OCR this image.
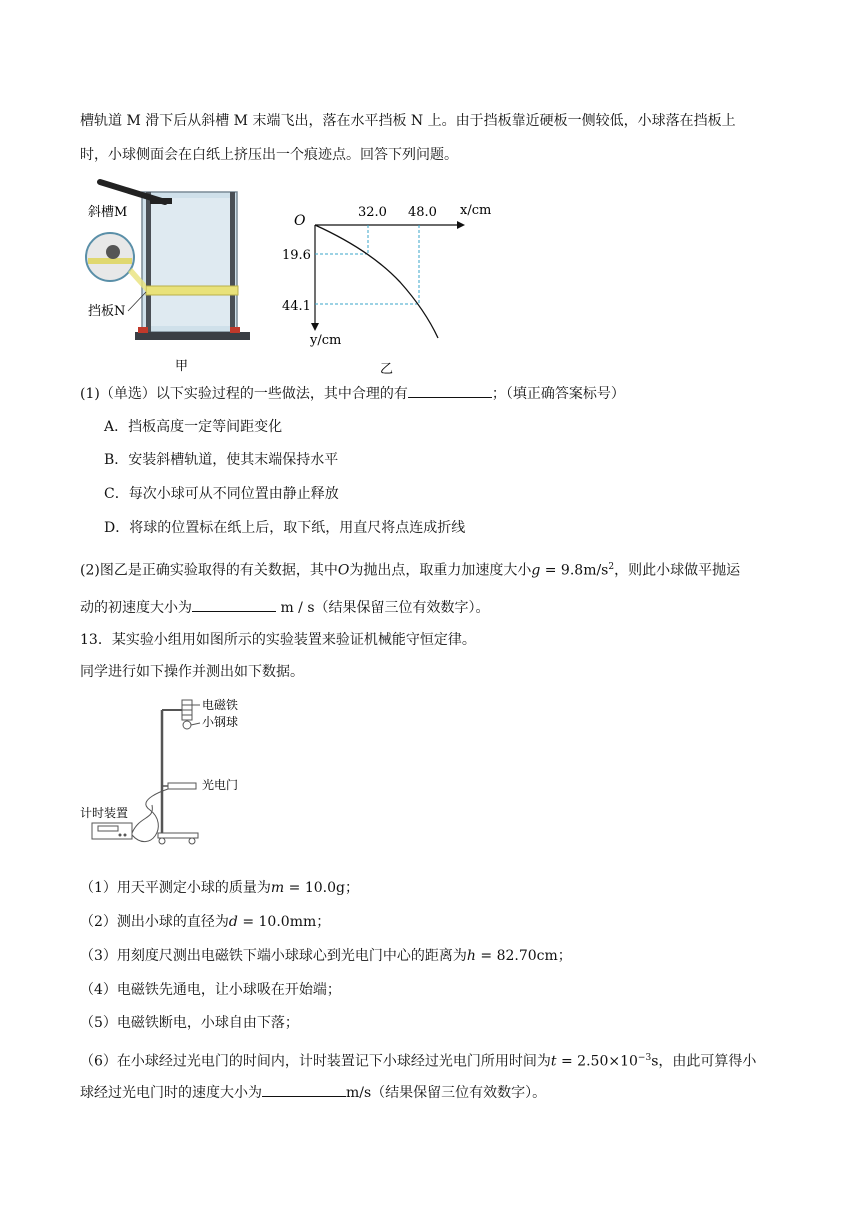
槽轨道 M 滑下后从斜槽 M 末端飞出，落在水平挡板 N 上。由于挡板靠近硬板一侧较低，小球落在挡板上
时，小球侧面会在白纸上挤压出一个痕迹点。回答下列问题。
斜槽M
挡板N
甲
O
x/cm
y/cm
32.0 48.0
19.6
44.1
乙
(1)（单选）以下实验过程的一些做法，其中合理的有	；（填正确答案标号）
A．挡板高度一定等间距变化
B．安装斜槽轨道，使其末端保持水平
C．每次小球可从不同位置由静止释放
D．将球的位置标在纸上后，取下纸，用直尺将点连成折线
(2)图乙是正确实验取得的有关数据，其中O为抛出点，取重力加速度大小$g = 9.8m/s^2$，则此小球做平抛运
动的初速度大小为	m / s（结果保留三位有效数字）。
13．某实验小组用如图所示的实验装置来验证机械能守恒定律。
同学进行如下操作并测出如下数据。
电磁铁
小钢球
光电门
计时装置
（1）用天平测定小球的质量为m = 10.0g；
（2）测出小球的直径为d = 10.0mm；
（3）用刻度尺测出电磁铁下端小球球心到光电门中心的距离为h = 82.70cm；
（4）电磁铁先通电，让小球吸在开始端；
（5）电磁铁断电，小球自由下落；
（6）在小球经过光电门的时间内，计时装置记下小球经过光电门所用时间为$t = 2.50\times 10^{-3}s$，由此可算得小
球经过光电门时的速度大小为	m/s（结果保留三位有效数字）。
